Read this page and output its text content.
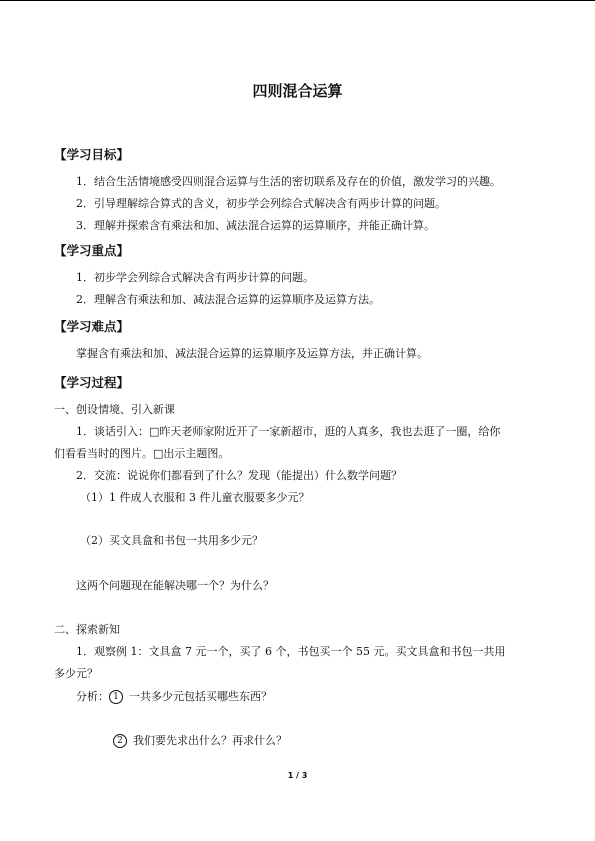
四则混合运算
【学习目标】
1．结合生活情境感受四则混合运算与生活的密切联系及存在的价值，激发学习的兴趣。
2．引导理解综合算式的含义，初步学会列综合式解决含有两步计算的问题。
3．理解并探索含有乘法和加、减法混合运算的运算顺序，并能正确计算。
【学习重点】
1．初步学会列综合式解决含有两步计算的问题。
2．理解含有乘法和加、减法混合运算的运算顺序及运算方法。
【学习难点】
掌握含有乘法和加、减法混合运算的运算顺序及运算方法，并正确计算。
【学习过程】
一、创设情境、引入新课
1．谈话引入：□昨天老师家附近开了一家新超市，逛的人真多，我也去逛了一圈，给你
们看看当时的图片。□出示主题图。
2．交流：说说你们都看到了什么？发现（能提出）什么数学问题？
（1）1 件成人衣服和 3 件儿童衣服要多少元？
（2）买文具盒和书包一共用多少元？
这两个问题现在能解决哪一个？为什么？
二、探索新知
1．观察例 1：文具盒 7 元一个，买了 6 个，书包买一个 55 元。买文具盒和书包一共用
多少元？
分析： 1 一共多少元包括买哪些东西？
2 我们要先求出什么？再求什么？
1 / 3
